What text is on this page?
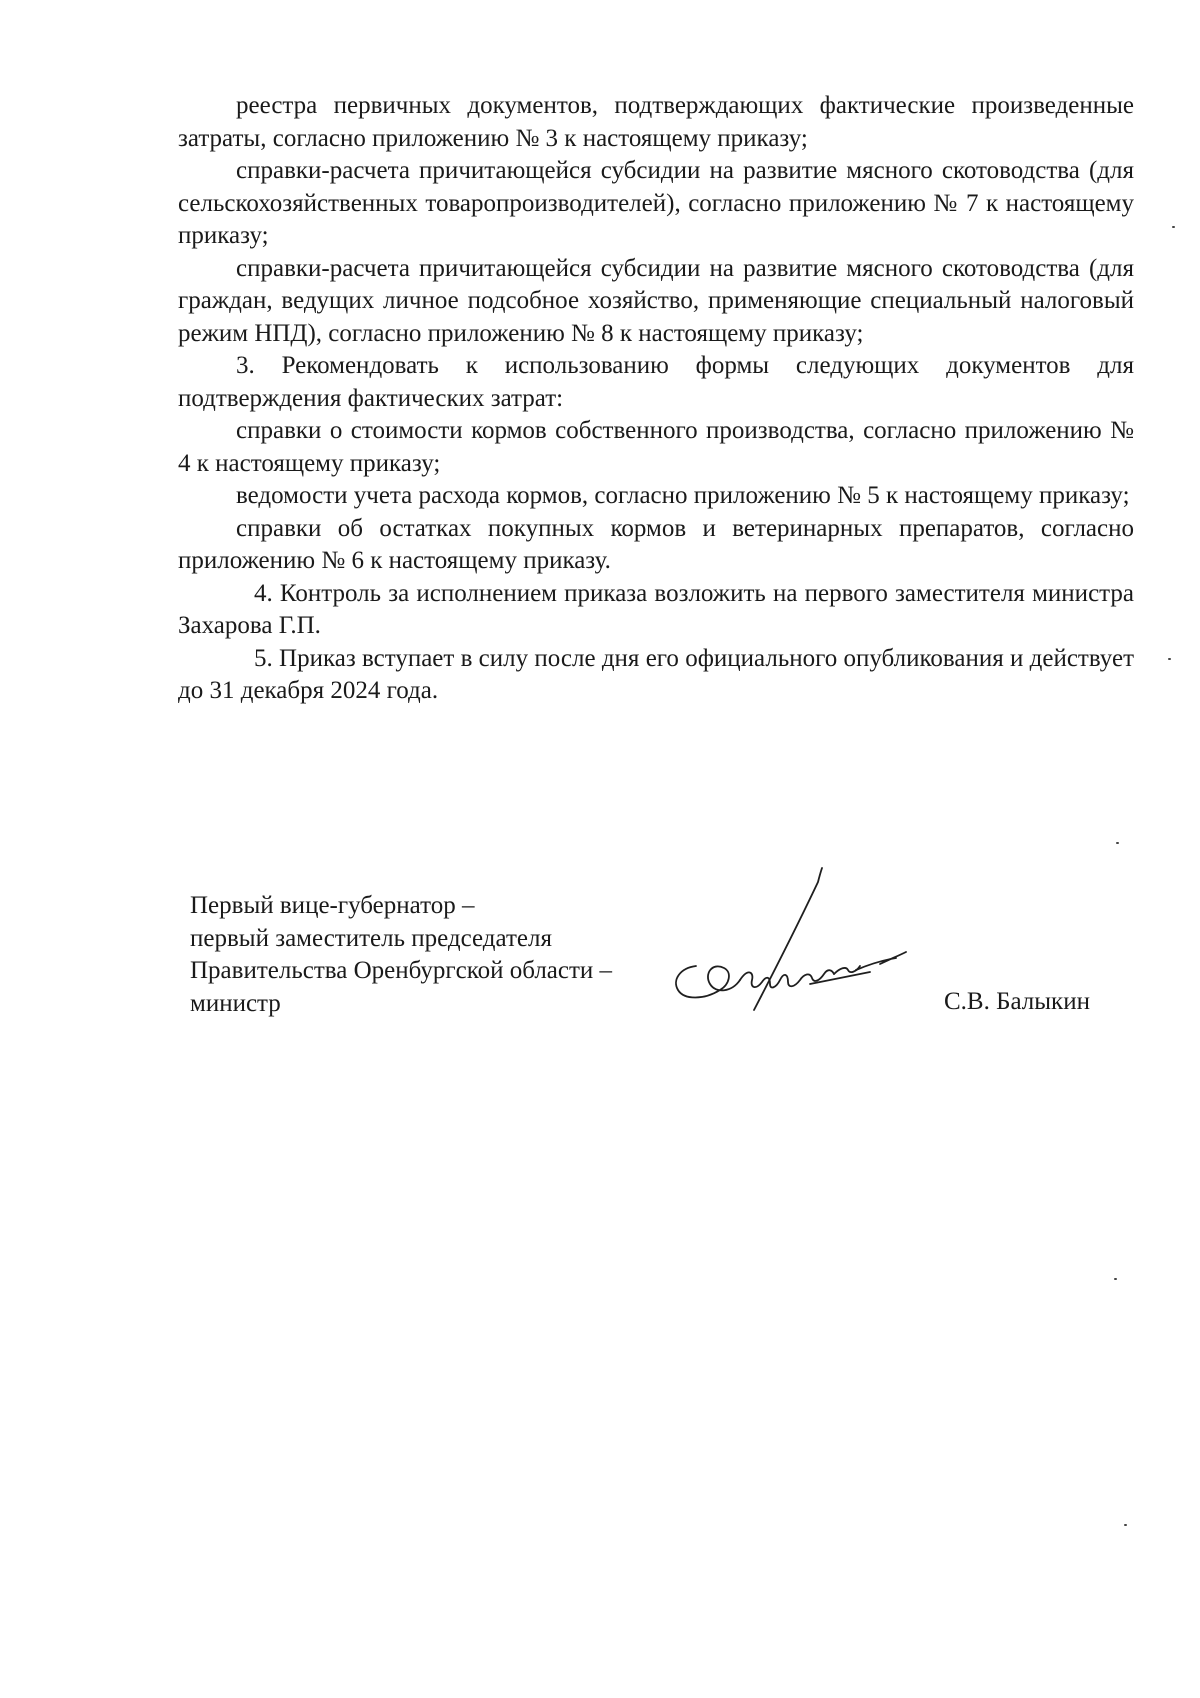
реестра первичных документов, подтверждающих фактические произведенные затраты, согласно приложению № 3 к настоящему приказу;

справки-расчета причитающейся субсидии на развитие мясного скотоводства (для сельскохозяйственных товаропроизводителей), согласно приложению № 7 к настоящему приказу;

справки-расчета причитающейся субсидии на развитие мясного скотоводства (для граждан, ведущих личное подсобное хозяйство, применяющие специальный налоговый режим НПД), согласно приложению № 8 к настоящему приказу;

3. Рекомендовать к использованию формы следующих документов для подтверждения фактических затрат:

справки о стоимости кормов собственного производства, согласно приложению № 4 к настоящему приказу;

ведомости учета расхода кормов, согласно приложению № 5 к настоящему приказу;

справки об остатках покупных кормов и ветеринарных препаратов, согласно приложению № 6 к настоящему приказу.

4. Контроль за исполнением приказа возложить на первого заместителя министра Захарова Г.П.

5. Приказ вступает в силу после дня его официального опубликования и действует до 31 декабря 2024 года.

Первый вице-губернатор –
первый заместитель председателя
Правительства Оренбургской области –
министр	С.В. Балыкин
